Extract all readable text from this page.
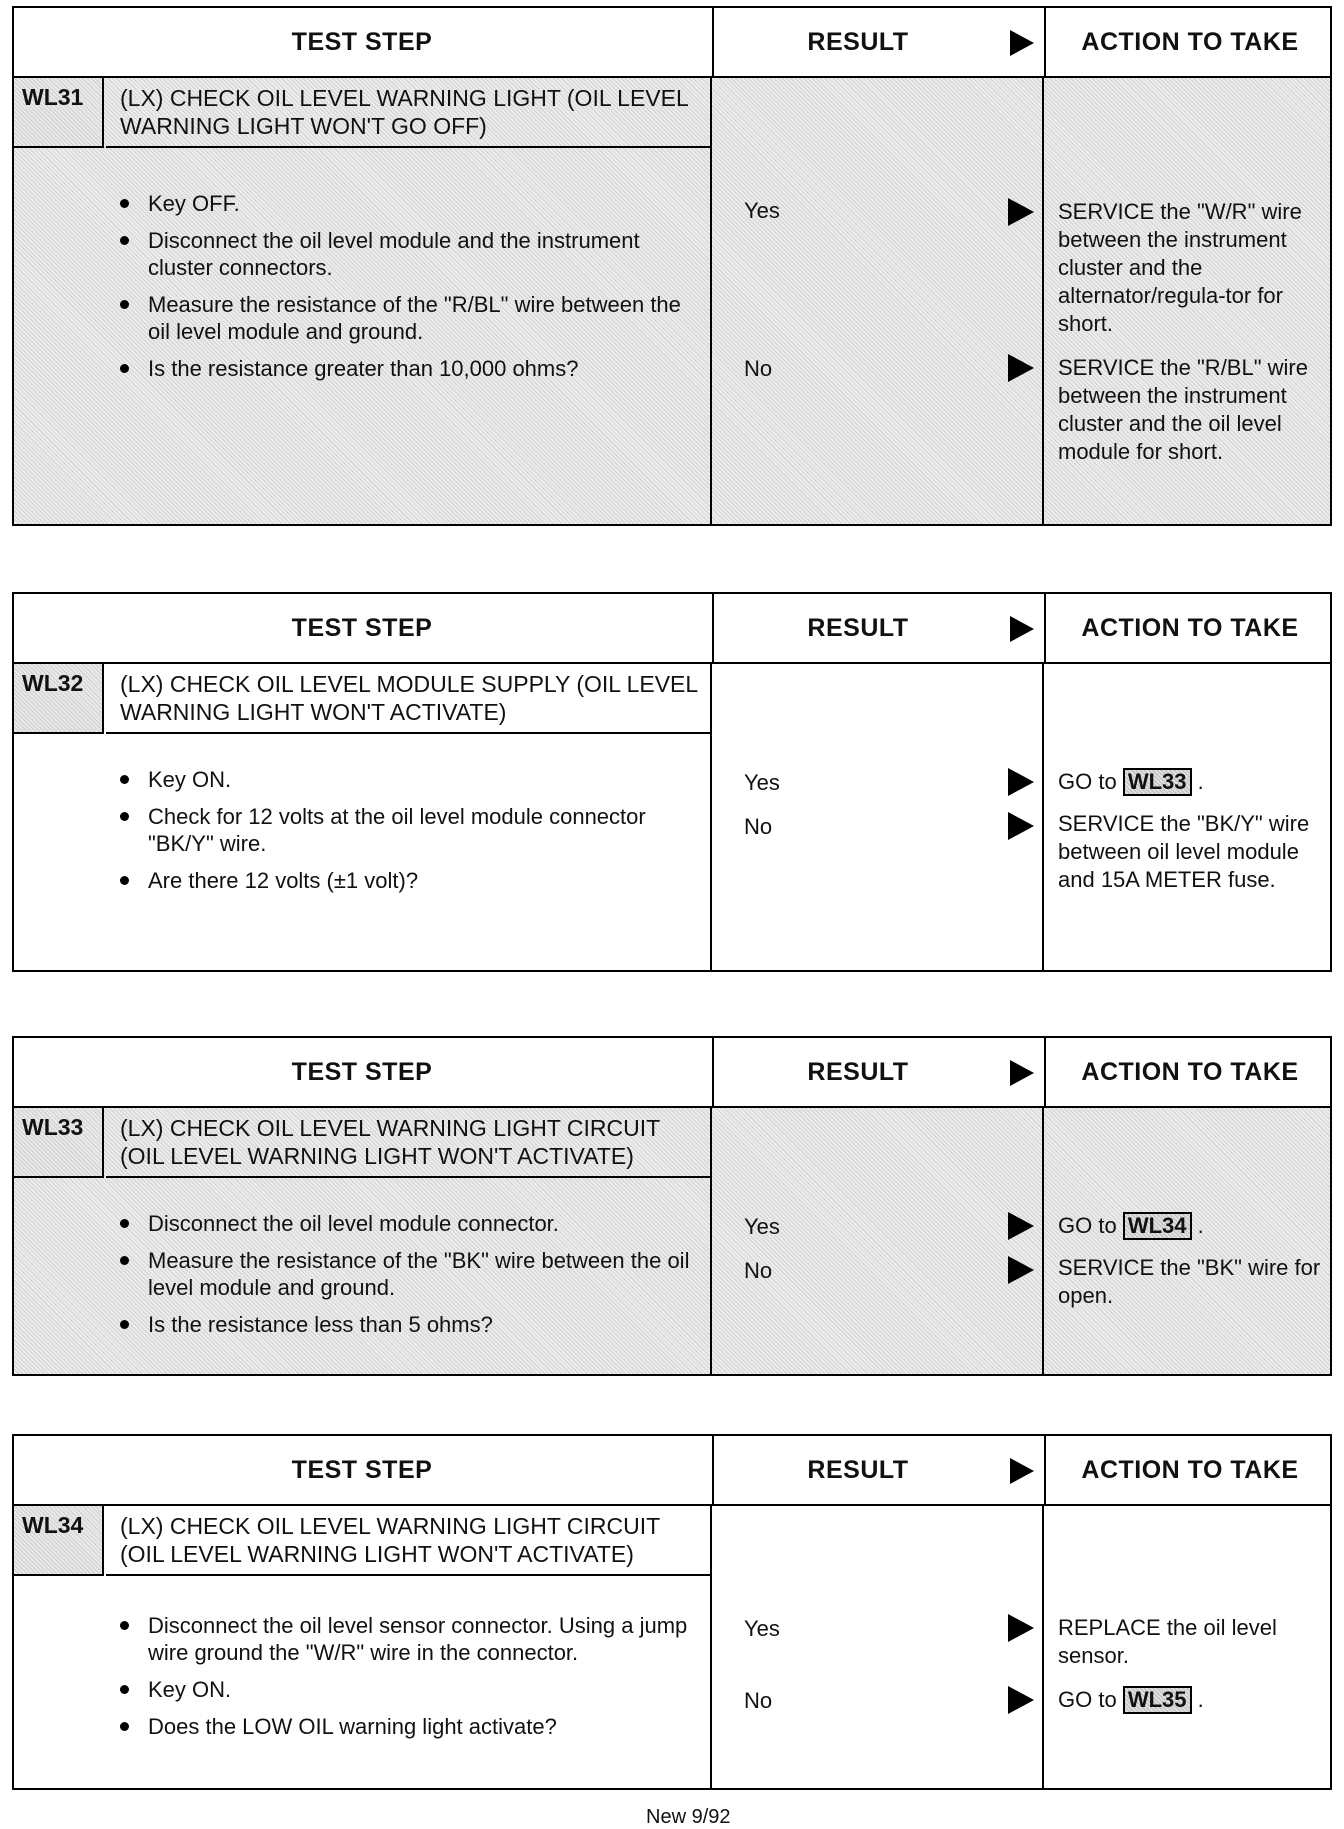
TEST STEP	RESULT	ACTION TO TAKE
WL31	(LX) CHECK OIL LEVEL WARNING LIGHT (OIL LEVEL WARNING LIGHT WON'T GO OFF)
Key OFF.
Disconnect the oil level module and the instrument cluster connectors.
Measure the resistance of the "R/BL" wire between the oil level module and ground.
Is the resistance greater than 10,000 ohms?
Yes	SERVICE the "W/R" wire between the instrument cluster and the alternator/regula-tor for short.
No	SERVICE the "R/BL" wire between the instrument cluster and the oil level module for short.
TEST STEP	RESULT	ACTION TO TAKE
WL32	(LX) CHECK OIL LEVEL MODULE SUPPLY (OIL LEVEL WARNING LIGHT WON'T ACTIVATE)
Key ON.
Check for 12 volts at the oil level module connector "BK/Y" wire.
Are there 12 volts (±1 volt)?
Yes	GO to WL33 .
No	SERVICE the "BK/Y" wire between oil level module and 15A METER fuse.
TEST STEP	RESULT	ACTION TO TAKE
WL33	(LX) CHECK OIL LEVEL WARNING LIGHT CIRCUIT (OIL LEVEL WARNING LIGHT WON'T ACTIVATE)
Disconnect the oil level module connector.
Measure the resistance of the "BK" wire between the oil level module and ground.
Is the resistance less than 5 ohms?
Yes	GO to WL34 .
No	SERVICE the "BK" wire for open.
TEST STEP	RESULT	ACTION TO TAKE
WL34	(LX) CHECK OIL LEVEL WARNING LIGHT CIRCUIT (OIL LEVEL WARNING LIGHT WON'T ACTIVATE)
Disconnect the oil level sensor connector. Using a jump wire ground the "W/R" wire in the connector.
Key ON.
Does the LOW OIL warning light activate?
Yes	REPLACE the oil level sensor.
No	GO to WL35 .
New 9/92
